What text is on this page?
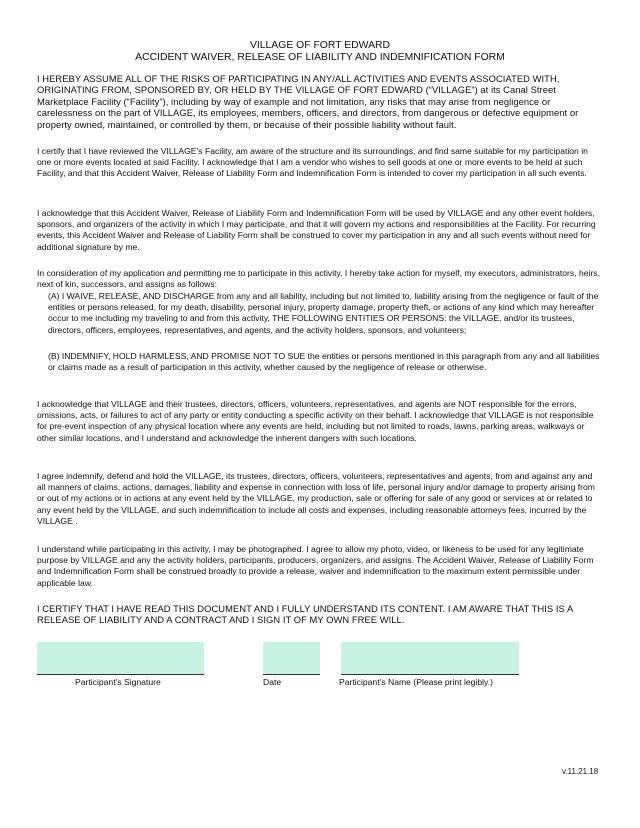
VILLAGE OF FORT EDWARD
ACCIDENT WAIVER, RELEASE OF LIABILITY AND INDEMNIFICATION FORM

I HEREBY ASSUME ALL OF THE RISKS OF PARTICIPATING IN ANY/ALL ACTIVITIES AND EVENTS ASSOCIATED WITH, ORIGINATING FROM, SPONSORED BY, OR HELD BY THE VILLAGE OF FORT EDWARD (“VILLAGE”) at its Canal Street Marketplace Facility (“Facility”), including by way of example and not limitation, any risks that may arise from negligence or carelessness on the part of VILLAGE, its employees, members, officers, and directors, from dangerous or defective equipment or property owned, maintained, or controlled by them, or because of their possible liability without fault.

I certify that I have reviewed the VILLAGE’s Facility, am aware of the structure and its surroundings, and find same suitable for my participation in one or more events located at said Facility. I acknowledge that I am a vendor who wishes to sell goods at one or more events to be held at such Facility, and that this Accident Waiver, Release of Liability Form and Indemnification Form is intended to cover my participation in all such events.

I acknowledge that this Accident Waiver, Release of Liability Form and Indemnification Form will be used by VILLAGE and any other event holders, sponsors, and organizers of the activity in which I may participate, and that it will govern my actions and responsibilities at the Facility. For recurring events, this Accident Waiver and Release of Liability Form shall be construed to cover my participation in any and all such events without need for additional signature by me.

In consideration of my application and permitting me to participate in this activity, I hereby take action for myself, my executors, administrators, heirs, next of kin, successors, and assigns as follows:

(A) I WAIVE, RELEASE, AND DISCHARGE from any and all liability, including but not limited to, liability arising from the negligence or fault of the entities or persons released, for my death, disability, personal injury, property damage, property theft, or actions of any kind which may hereafter occur to me including my traveling to and from this activity, THE FOLLOWING ENTITIES OR PERSONS: the VILLAGE, and/or its trustees, directors, officers, employees, representatives, and agents, and the activity holders, sponsors, and volunteers;

(B) INDEMNIFY, HOLD HARMLESS, AND PROMISE NOT TO SUE the entities or persons mentioned in this paragraph from any and all liabilities or claims made as a result of participation in this activity, whether caused by the negligence of release or otherwise.

I acknowledge that VILLAGE and their trustees, directors, officers, volunteers, representatives, and agents are NOT responsible for the errors, omissions, acts, or failures to act of any party or entity conducting a specific activity on their behalf. I acknowledge that VILLAGE is not responsible for pre-event inspection of any physical location where any events are held, including but not limited to roads, lawns, parking areas, walkways or other similar locations, and I understand and acknowledge the inherent dangers with such locations.

I agree indemnify, defend and hold the VILLAGE, its trustees, directors, officers, volunteers, representatives and agents, from and against any and all manners of claims, actions, damages, liability and expense in connection with loss of life, personal injury and/or damage to property arising from or out of my actions or in actions at any event held by the VILLAGE, my production, sale or offering for sale of any good or services at or related to any event held by the VILLAGE, and such indemnification to include all costs and expenses, including reasonable attorneys fees, incurred by the VILLAGE .

I understand while participating in this activity, I may be photographed. I agree to allow my photo, video, or likeness to be used for any legitimate purpose by VILLAGE and any the activity holders, participants, producers, organizers, and assigns. The Accident Waiver, Release of Liability Form and Indemnification Form shall be construed broadly to provide a release, waiver and indemnification to the maximum extent permissible under applicable law.

I CERTIFY THAT I HAVE READ THIS DOCUMENT AND I FULLY UNDERSTAND ITS CONTENT. I AM AWARE THAT THIS IS A RELEASE OF LIABILITY AND A CONTRACT AND I SIGN IT OF MY OWN FREE WILL.

Participant’s Signature	Date	Participant’s Name (Please print legibly.)
v.11.21.18
